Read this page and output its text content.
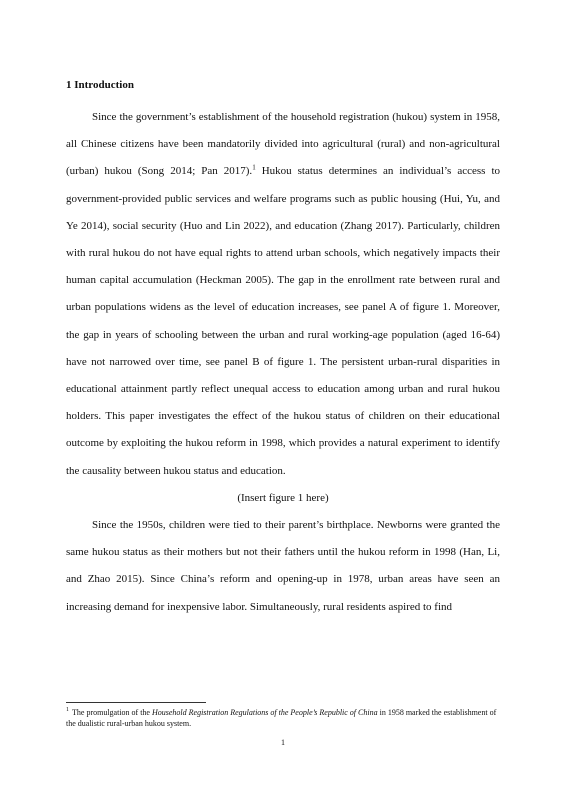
1 Introduction

Since the government’s establishment of the household registration (hukou) system in 1958, all Chinese citizens have been mandatorily divided into agricultural (rural) and non-agricultural (urban) hukou (Song 2014; Pan 2017).$^1$ Hukou status determines an individual’s access to government-provided public services and welfare programs such as public housing (Hui, Yu, and Ye 2014), social security (Huo and Lin 2022), and education (Zhang 2017). Particularly, children with rural hukou do not have equal rights to attend urban schools, which negatively impacts their human capital accumulation (Heckman 2005). The gap in the enrollment rate between rural and urban populations widens as the level of education increases, see panel A of figure 1. Moreover, the gap in years of schooling between the urban and rural working-age population (aged 16-64) have not narrowed over time, see panel B of figure 1. The persistent urban-rural disparities in educational attainment partly reflect unequal access to education among urban and rural hukou holders. This paper investigates the effect of the hukou status of children on their educational outcome by exploiting the hukou reform in 1998, which provides a natural experiment to identify the causality between hukou status and education.

(Insert figure 1 here)

Since the 1950s, children were tied to their parent’s birthplace. Newborns were granted the same hukou status as their mothers but not their fathers until the hukou reform in 1998 (Han, Li, and Zhao 2015). Since China’s reform and opening-up in 1978, urban areas have seen an increasing demand for inexpensive labor. Simultaneously, rural residents aspired to find

$^1$ The promulgation of the Household Registration Regulations of the People’s Republic of China in 1958 marked the establishment of the dualistic rural-urban hukou system.
1
